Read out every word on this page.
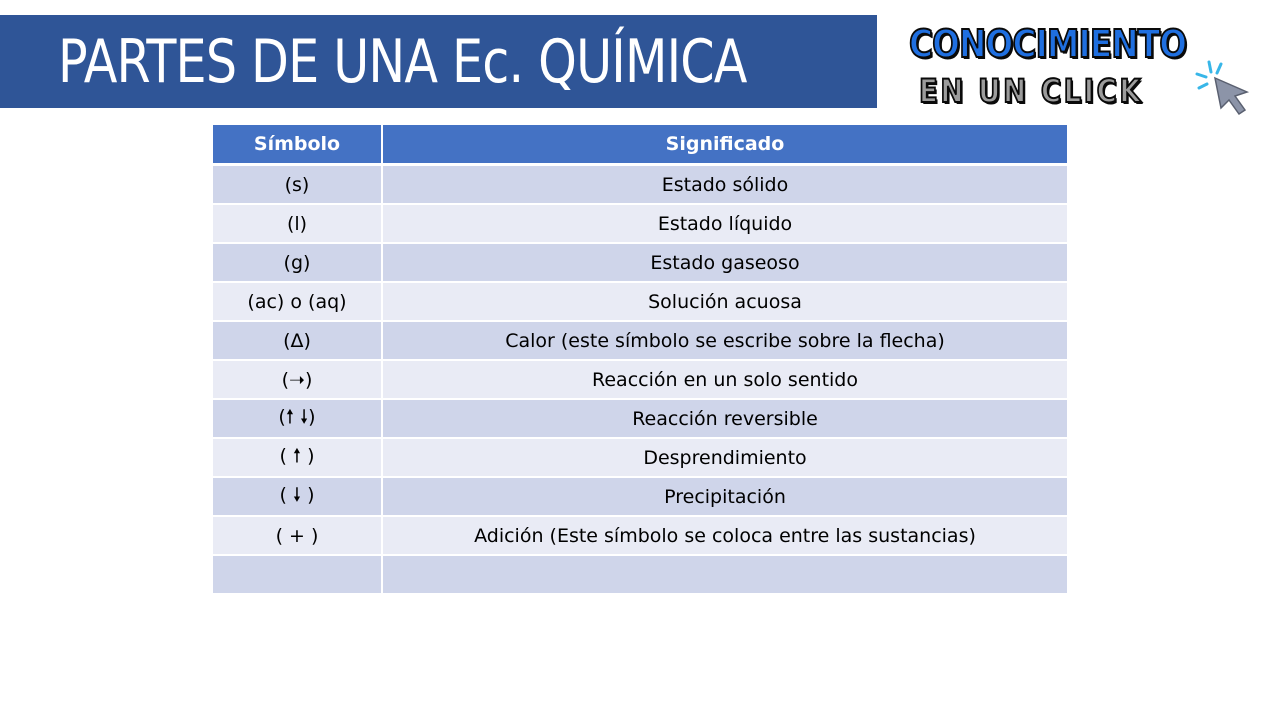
PARTES DE UNA Ec. QUÍMICA	CONOCIMIENTO
EN UN CLICK
Símbolo	Significado
(s)	Estado sólido
(l)	Estado líquido
(g)	Estado gaseoso
(ac) o (aq)	Solución acuosa
(Δ)	Calor (este símbolo se escribe sobre la flecha)
(➝)	Reacción en un solo sentido
(🠕 🠗)	Reacción reversible
( 🠕 )	Desprendimiento
( 🠗 )	Precipitación
( + )	Adición (Este símbolo se coloca entre las sustancias)
